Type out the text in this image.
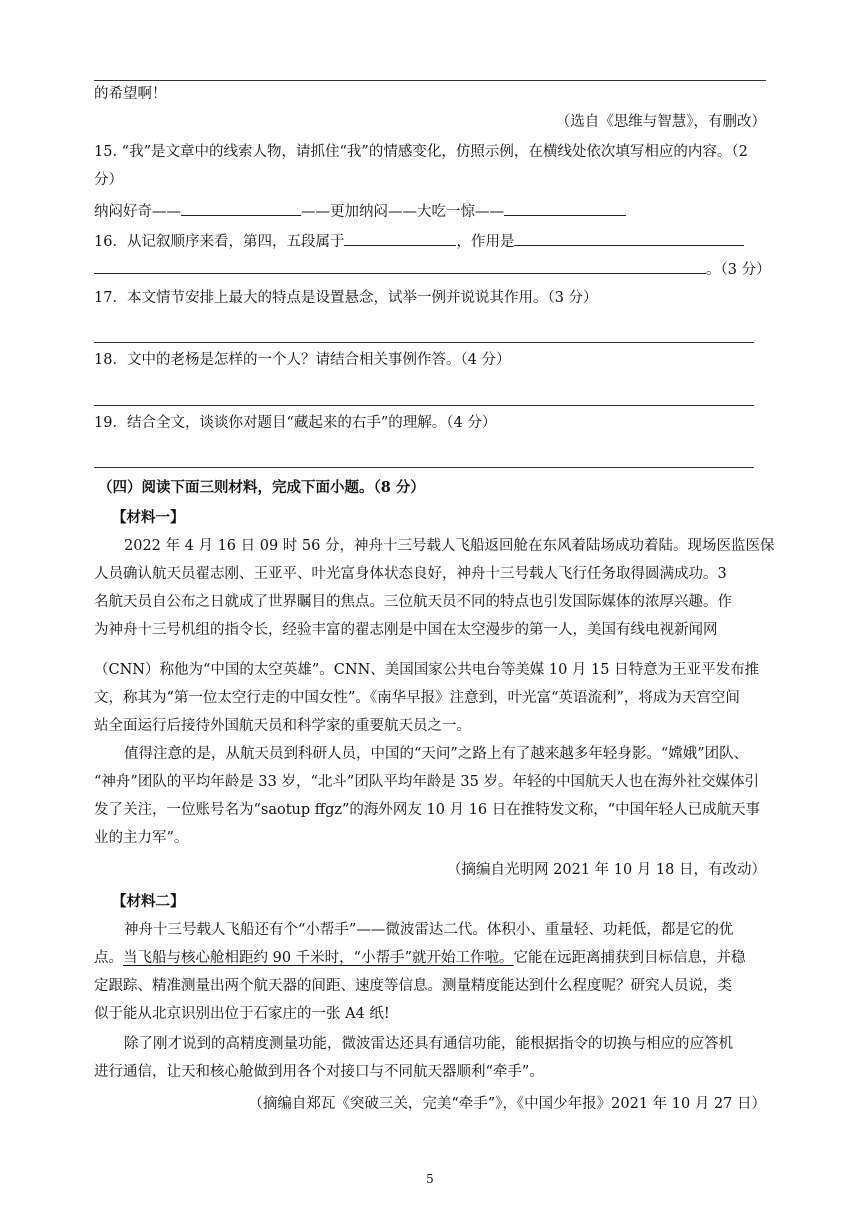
的希望啊！
（选自《思维与智慧》，有删改）
15. “我”是文章中的线索人物，请抓住“我”的情感变化，仿照示例，在横线处依次填写相应的内容。（2
分）
纳闷好奇——	——更加纳闷——大吃一惊——
16．从记叙顺序来看，第四，五段属于	，作用是
。（3 分）
17．本文情节安排上最大的特点是设置悬念，试举一例并说说其作用。（3 分）
18．文中的老杨是怎样的一个人？请结合相关事例作答。（4 分）
19．结合全文，谈谈你对题目“藏起来的右手”的理解。（4 分）
（四）阅读下面三则材料，完成下面小题。（8 分）
【材料一】
2022 年 4 月 16 日 09 时 56 分，神舟十三号载人飞船返回舱在东风着陆场成功着陆。现场医监医保
人员确认航天员翟志刚、王亚平、叶光富身体状态良好，神舟十三号载人飞行任务取得圆满成功。3
名航天员自公布之日就成了世界瞩目的焦点。三位航天员不同的特点也引发国际媒体的浓厚兴趣。作
为神舟十三号机组的指令长，经验丰富的翟志刚是中国在太空漫步的第一人，美国有线电视新闻网
（CNN）称他为“中国的太空英雄”。CNN、美国国家公共电台等美媒 10 月 15 日特意为王亚平发布推
文，称其为“第一位太空行走的中国女性”。《南华早报》注意到，叶光富“英语流利”，将成为天宫空间
站全面运行后接待外国航天员和科学家的重要航天员之一。
值得注意的是，从航天员到科研人员，中国的“天问”之路上有了越来越多年轻身影。“嫦娥”团队、
“神舟”团队的平均年龄是 33 岁，“北斗”团队平均年龄是 35 岁。年轻的中国航天人也在海外社交媒体引
发了关注，一位账号名为“saotup ffgz”的海外网友 10 月 16 日在推特发文称，“中国年轻人已成航天事
业的主力军”。
（摘编自光明网 2021 年 10 月 18 日，有改动）
【材料二】
神舟十三号载人飞船还有个“小帮手”——微波雷达二代。体积小、重量轻、功耗低，都是它的优
点。当飞船与核心舱相距约 90 千米时，“小帮手”就开始工作啦。它能在远距离捕获到目标信息，并稳
定跟踪、精准测量出两个航天器的间距、速度等信息。测量精度能达到什么程度呢？研究人员说，类
似于能从北京识别出位于石家庄的一张 A4 纸!
除了刚才说到的高精度测量功能，微波雷达还具有通信功能，能根据指令的切换与相应的应答机
进行通信，让天和核心舱做到用各个对接口与不同航天器顺利“牵手”。
（摘编自郑瓦《突破三关，完美“牵手”》，《中国少年报》2021 年 10 月 27 日）
5
